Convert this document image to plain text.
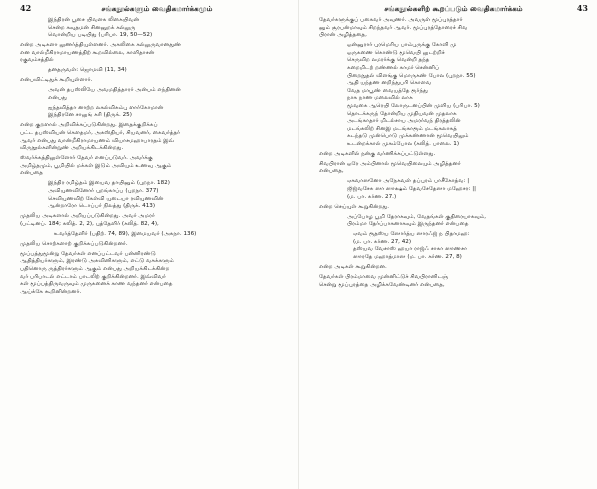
42	சங்கநூல்களும் வைதிகமார்க்கமும்
இந்திரன் பூசை யிவளக லிகையிவன்
சென்ற கவுதமன் சினனுறக் கல்லுரு
வொன்றிய படியிது (பரிபா. 19, 50—52)
என்ற அடிகளா லுணர்த்தியுள்ளனர். அகலிகை கல்லுருவானதுண்
என வால்மீகிராமாயணத்திற் கூறவில்லை, காளிதாசன்
ரகுவம்சத்தில்
தனதருவள்: ஜொமவி (11, 34)
என்பவிட்டிதுக் கூறியுள்ளார்.
அவன் தபஸ்லியே அவமதித்தாரர் அன்பம் எந்தினன்
என்பது
ஐந்தவித்தா னாற்ற லகல்விசும்பு ளார்கோமான்
இந்திரனே சாலுங் கரி (திருக். 25)
என்ற குறளால் அறிவிக்கப்படுகின்றது. இதைக்குறிக்கப்
பட்ட தபஸ்வியன் கௌதமர், அகஸ்தியர், சியவனர், கைவர்த்தர்
ஆவர் என்பது வான்மீகிராமாயணம் வியாசமஹாபாரதம் இவ்
விருநூல்களின்றுண் அறியக்கிடக்கின்றது.
ஸ்வர்க்கத்திலுள்ளோர் தேவர் எனப்படுவர். அவர்க்கு
அமிழ்தமும், பூமியில் மக்கள் இடும் அவியும் உணவு ஆகும்
என்பதை
இந்திர ரமிழ்தம் இயைவ தாயினும் (புறநா. 182)
அவியுணவினோர் புறங்காப்ப (புறநா. 377)
செவியுணவிற் கேள்வி யுடையா ரவியுணவின்
ஆன்றாரோ டொப்பர் நிலத்து (திருக். 413)
முதலிய அடிகளால் அறியப்படுகின்றது. அவர் அமரர்
(பட்டினப். 184; கலித். 2, 2), புத்தேளிர் (கலித். 82, 4),
உவர்த்தேளிர் (பதிற். 74, 89), இமையவர் (அகநா. 136)
முதலிய சொற்களாற் குறிக்கப்படுகின்றனர்.
மூப்பத்துமூன்று தேவர்கள் எனப்பட்டவர் பன்னிரண்டு
ஆதித்தியர்களும், இரண்டு அசுவினிகளும், எட்டு வசுக்களும்
பதினொரு ருத்திரர்களும் ஆகும் என்பது அறியக்கிடக்கின்ற
வர் பரிபாடல் எட்டாம் பாடலிற் குறிக்கின்றனர். இவ்விவர்
கள் மூப்பத்திருவருவும் முருகனைக் காண வந்தனர் என்பதை
ஆய்க்கே கூறினின்றனர்.
சங்கநூல்களிற் கூறப்படும் வைதிகமார்க்கம்	43
தேவர்களுக்குப் பகைவர் அவுணர். அவருள் மூப்புரத்தார்
னும் சூரபன்மாவும் சிறந்தவர் ஆவர். மூப்புரத்தோரைச் சிவ
பிரான் அழித்ததை,
ஒன்னுரார் புரமெரிய பாம்புருக்கு கோளி மு
ஒருகணை கொண்டு மூவெயி லுடற்றிச்
செருவிற லமரர்க்கு வென்றி தந்த
கறைமிடற் றண்ணல் காமர் சென்னிப்
பிறைநுதல் விளங்கு மொருகண் போல (புறநா. 55)
ஆதி யந்தண னறிந்துபரி கொளவ
வேத மாபூண் வையத்தே ரூர்ந்து
நாக நாண மலைவில் லாக
மூவகை ஆரெயி லோருடனப்பின் முளிய (பரிபா. 5)
தொடக்கருந் தோன்றிய முதியவன் முதலாக
அடங்காதார் மிடல்சாய அமரர்வந் திரத்தலின்
மடங்கலிற் சினஇ மடங்காரூம் மடங்கலாகத்
கடந்தடு முன்பொடு முக்கண்ணான் மூவெயிலும்
உடன்றக்கால் முகம்போல (கலித். பாலை. 1)
என்ற அடிகளில் நன்கு வர்ணிக்கப்பட்டுள்ளது.
சிவபிரான் ஒரே அம்பினால் மூவெயிலையும் அழித்தனர்
என்பதை,
ஏகவாஸனோ அநேகவள் தப்புரம் பாசீகோத்வ: |
ஜிஜ்வசேசு ஸா ஸாக்ஷம் தேவசேதேஸா மஹேசர: ||
(ம. பா. கர்ண. 27.)
என்ற செய்யுள் கூறுகின்றது.
அப்போழ பூமி தேராகவும், வேதங்கள் குதிரையாகவும்,
பிரம்மா தேர்ப்பாகனாகவும் இருந்தனர் என்பதை
ஏவம் ரூதஸ்ய ஸோர்த்ய ஸாரஃஜ் ந பிதாமஹ:
(ம. பா. கர்ண. 27, 42)
தஸ்யவ வேசாஸ் ஹயா ராஜ்ஃ சாகா ஸாணசா
ஸாரதே மஹாத்மாஸ (ம. பா. கர்ண. 27, 8)
என்ற அடிகள் கூறுகின்றன.
தேவர்கள் பிரம்மாவை முன்னிட்டுச் சிவபிரானிடஞ்
சென்று மூப்புரத்தை அழிக்கவேண்டினர் என்பதை,
